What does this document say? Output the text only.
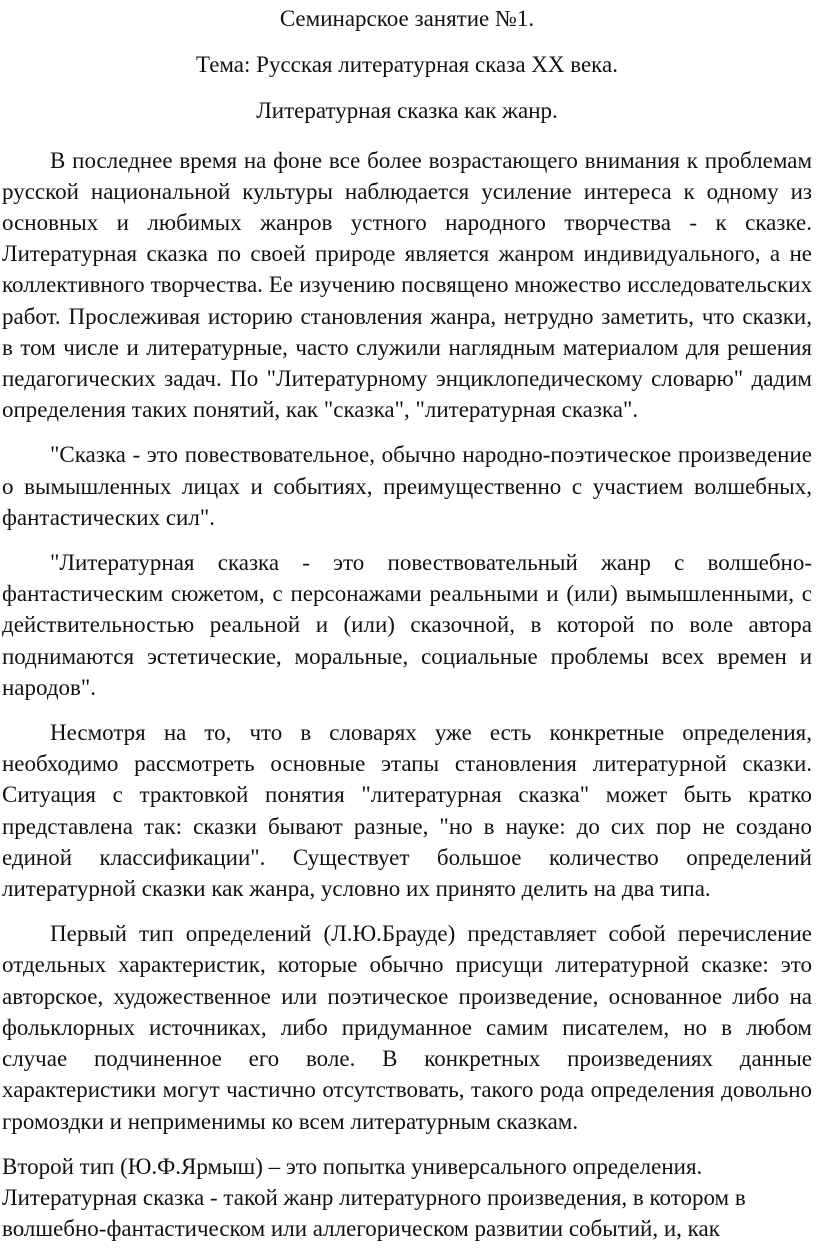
Семинарское занятие №1.

Тема: Русская литературная сказа XX века.

Литературная сказка как жанр.

В последнее время на фоне все более возрастающего внимания к проблемам русской национальной культуры наблюдается усиление интереса к одному из основных и любимых жанров устного народного творчества - к сказке. Литературная сказка по своей природе является жанром индивидуального, а не коллективного творчества. Ее изучению посвящено множество исследовательских работ. Прослеживая историю становления жанра, нетрудно заметить, что сказки, в том числе и литературные, часто служили наглядным материалом для решения педагогических задач. По "Литературному энциклопедическому словарю" дадим определения таких понятий, как "сказка", "литературная сказка".

"Сказка - это повествовательное, обычно народно-поэтическое произведение о вымышленных лицах и событиях, преимущественно с участием волшебных, фантастических сил".

"Литературная сказка - это повествовательный жанр с волшебно-фантастическим сюжетом, с персонажами реальными и (или) вымышленными, с действительностью реальной и (или) сказочной, в которой по воле автора поднимаются эстетические, моральные, социальные проблемы всех времен и народов".

Несмотря на то, что в словарях уже есть конкретные определения, необходимо рассмотреть основные этапы становления литературной сказки. Ситуация с трактовкой понятия "литературная сказка" может быть кратко представлена так: сказки бывают разные, "но в науке: до сих пор не создано единой классификации". Существует большое количество определений литературной сказки как жанра, условно их принято делить на два типа.

Первый тип определений (Л.Ю.Брауде) представляет собой перечисление отдельных характеристик, которые обычно присущи литературной сказке: это авторское, художественное или поэтическое произведение, основанное либо на фольклорных источниках, либо придуманное самим писателем, но в любом случае подчиненное его воле. В конкретных произведениях данные характеристики могут частично отсутствовать, такого рода определения довольно громоздки и неприменимы ко всем литературным сказкам.

Второй тип (Ю.Ф.Ярмыш) – это попытка универсального определения.
Литературная сказка - такой жанр литературного произведения, в котором в
волшебно-фантастическом или аллегорическом развитии событий, и, как
